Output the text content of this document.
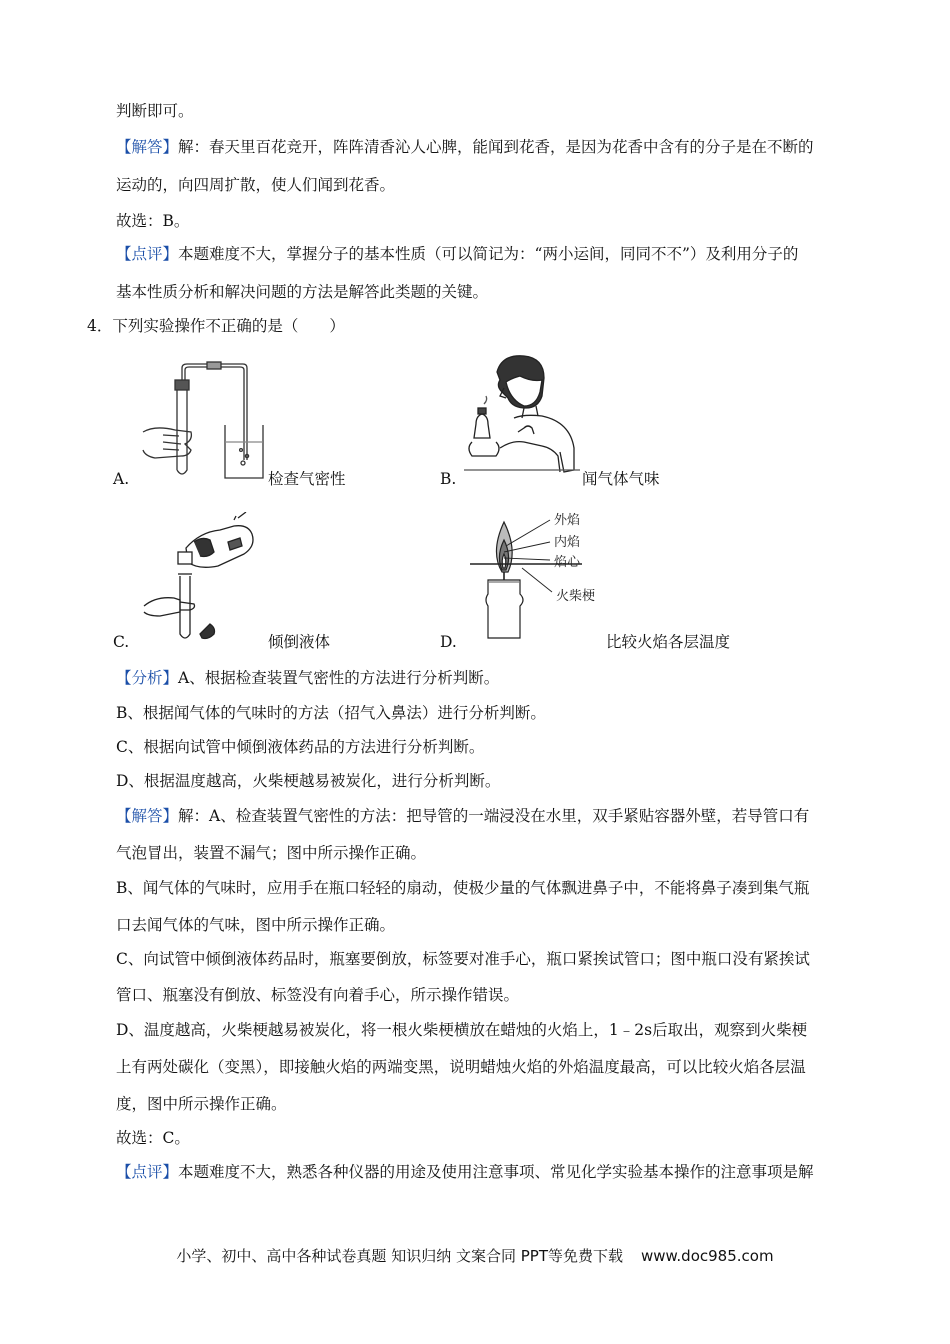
判断即可。
【解答】解：春天里百花竞开，阵阵清香沁人心脾，能闻到花香，是因为花香中含有的分子是在不断的
运动的，向四周扩散，使人们闻到花香。
故选：B。
【点评】本题难度不大，掌握分子的基本性质（可以简记为：“两小运间，同同不不”）及利用分子的
基本性质分析和解决问题的方法是解答此类题的关键。
4．下列实验操作不正确的是（　　）
A.	检查气密性	B.	闻气体气味
C.	倾倒液体
外焰
内焰
焰心
火柴梗
D.	比较火焰各层温度
【分析】A、根据检查装置气密性的方法进行分析判断。
B、根据闻气体的气味时的方法（招气入鼻法）进行分析判断。
C、根据向试管中倾倒液体药品的方法进行分析判断。
D、根据温度越高，火柴梗越易被炭化，进行分析判断。
【解答】解：A、检查装置气密性的方法：把导管的一端浸没在水里，双手紧贴容器外壁，若导管口有
气泡冒出，装置不漏气；图中所示操作正确。
B、闻气体的气味时，应用手在瓶口轻轻的扇动，使极少量的气体飘进鼻子中，不能将鼻子凑到集气瓶
口去闻气体的气味，图中所示操作正确。
C、向试管中倾倒液体药品时，瓶塞要倒放，标签要对准手心，瓶口紧挨试管口；图中瓶口没有紧挨试
管口、瓶塞没有倒放、标签没有向着手心，所示操作错误。
D、温度越高，火柴梗越易被炭化，将一根火柴梗横放在蜡烛的火焰上，1﹣2s后取出，观察到火柴梗
上有两处碳化（变黑），即接触火焰的两端变黑，说明蜡烛火焰的外焰温度最高，可以比较火焰各层温
度，图中所示操作正确。
故选：C。
【点评】本题难度不大，熟悉各种仪器的用途及使用注意事项、常见化学实验基本操作的注意事项是解
小学、初中、高中各种试卷真题 知识归纳 文案合同 PPT等免费下载 www.doc985.com
